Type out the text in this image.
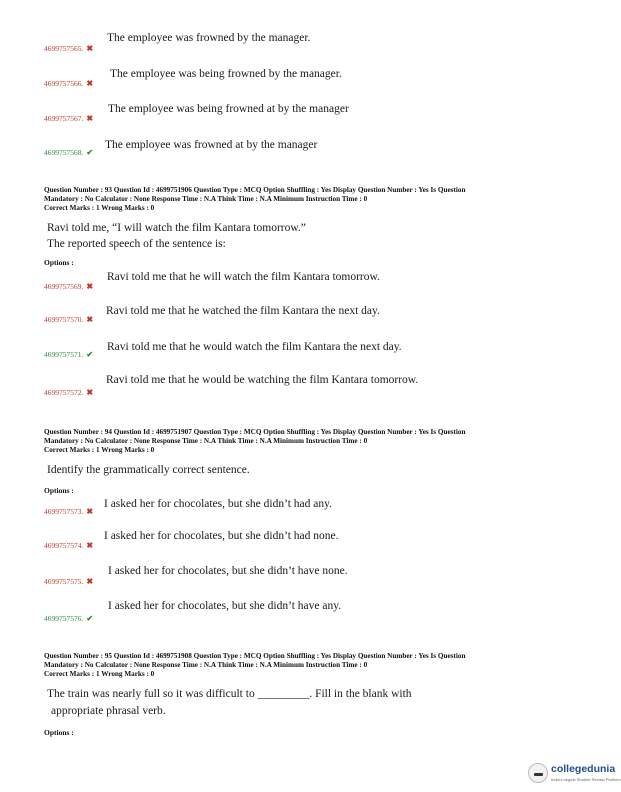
4699757565. ✖
The employee was frowned by the manager.
4699757566. ✖
The employee was being frowned by the manager.
4699757567. ✖
The employee was being frowned at by the manager
4699757568. ✔
The employee was frowned at by the manager
Question Number : 93 Question Id : 4699751906 Question Type : MCQ Option Shuffling : Yes Display Question Number : Yes Is Question
Mandatory : No Calculator : None Response Time : N.A Think Time : N.A Minimum Instruction Time : 0
Correct Marks : 1 Wrong Marks : 0
Ravi told me, “I will watch the film Kantara tomorrow.”
The reported speech of the sentence is:
Options :
4699757569. ✖
Ravi told me that he will watch the film Kantara tomorrow.
4699757570. ✖
Ravi told me that he watched the film Kantara the next day.
4699757571. ✔
Ravi told me that he would watch the film Kantara the next day.
4699757572. ✖
Ravi told me that he would be watching the film Kantara tomorrow.
Question Number : 94 Question Id : 4699751907 Question Type : MCQ Option Shuffling : Yes Display Question Number : Yes Is Question
Mandatory : No Calculator : None Response Time : N.A Think Time : N.A Minimum Instruction Time : 0
Correct Marks : 1 Wrong Marks : 0
Identify the grammatically correct sentence.
Options :
4699757573. ✖
I asked her for chocolates, but she didn’t had any.
4699757574. ✖
I asked her for chocolates, but she didn’t had none.
4699757575. ✖
I asked her for chocolates, but she didn’t have none.
4699757576. ✔
I asked her for chocolates, but she didn’t have any.
Question Number : 95 Question Id : 4699751908 Question Type : MCQ Option Shuffling : Yes Display Question Number : Yes Is Question
Mandatory : No Calculator : None Response Time : N.A Think Time : N.A Minimum Instruction Time : 0
Correct Marks : 1 Wrong Marks : 0
The train was nearly full so it was difficult to _________. Fill in the blank with
appropriate phrasal verb.
Options :
collegedunia
India's largest Student Review Platform
